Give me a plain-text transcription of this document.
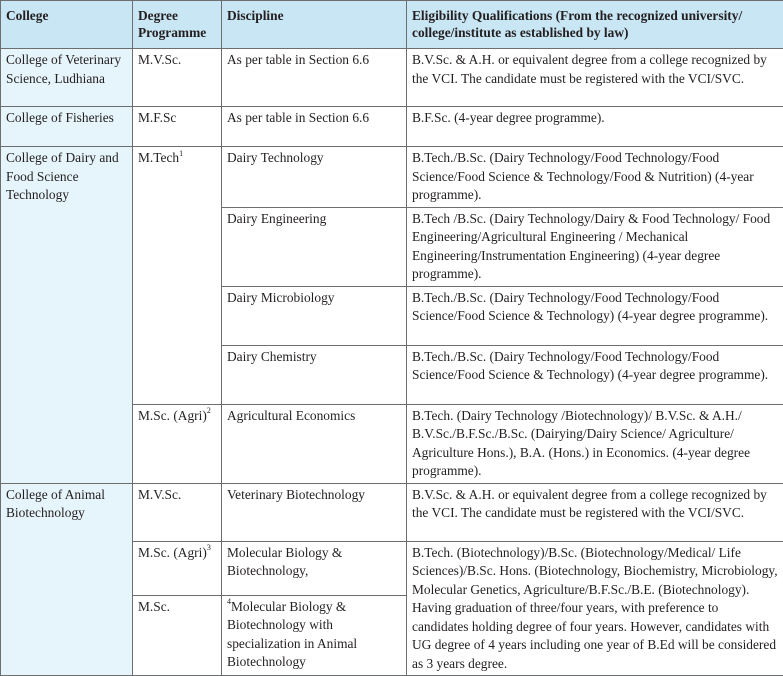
College	Degree Programme	Discipline	Eligibility Qualifications (From the recognized university/ college/institute as established by law)
College of Veterinary Science, Ludhiana	M.V.Sc.	As per table in Section 6.6	B.V.Sc. & A.H. or equivalent degree from a college recognized by the VCI. The candidate must be registered with the VCI/SVC.
College of Fisheries	M.F.Sc	As per table in Section 6.6	B.F.Sc. (4-year degree programme).
College of Dairy and Food Science Technology	M.Tech$^1$	Dairy Technology	B.Tech./B.Sc. (Dairy Technology/Food Technology/Food Science/Food Science & Technology/Food & Nutrition) (4-year programme).
		Dairy Engineering	B.Tech /B.Sc. (Dairy Technology/Dairy & Food Technology/ Food Engineering/Agricultural Engineering / Mechanical Engineering/Instrumentation Engineering) (4-year degree programme).
		Dairy Microbiology	B.Tech./B.Sc. (Dairy Technology/Food Technology/Food Science/Food Science & Technology) (4-year degree programme).
		Dairy Chemistry	B.Tech./B.Sc. (Dairy Technology/Food Technology/Food Science/Food Science & Technology) (4-year degree programme).
	M.Sc. (Agri)$^2$	Agricultural Economics	B.Tech. (Dairy Technology /Biotechnology)/ B.V.Sc. & A.H./ B.V.Sc./B.F.Sc./B.Sc. (Dairying/Dairy Science/ Agriculture/ Agriculture Hons.), B.A. (Hons.) in Economics. (4-year degree programme).
College of Animal Biotechnology	M.V.Sc.	Veterinary Biotechnology	B.V.Sc. & A.H. or equivalent degree from a college recognized by the VCI. The candidate must be registered with the VCI/SVC.
	M.Sc. (Agri)$^3$	Molecular Biology & Biotechnology,	B.Tech. (Biotechnology)/B.Sc. (Biotechnology/Medical/ Life Sciences)/B.Sc. Hons. (Biotechnology, Biochemistry, Microbiology, Molecular Genetics, Agriculture/B.F.Sc./B.E. (Biotechnology). Having graduation of three/four years, with preference to candidates holding degree of four years. However, candidates with UG degree of 4 years including one year of B.Ed will be considered as 3 years degree.
	M.Sc.	$^4$Molecular Biology & Biotechnology with specialization in Animal Biotechnology	
